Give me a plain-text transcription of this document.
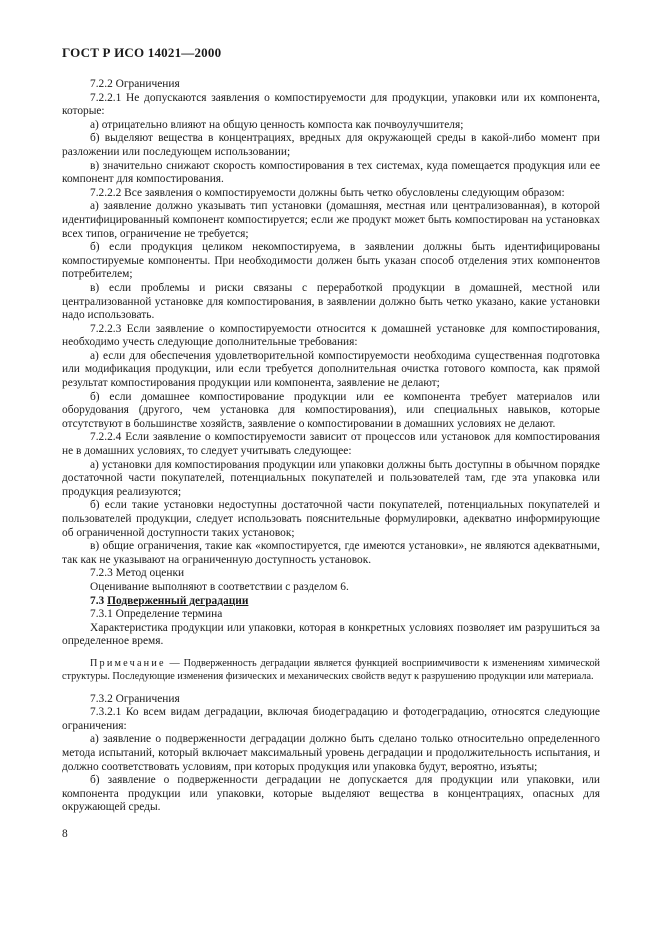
ГОСТ Р ИСО 14021—2000

7.2.2 Ограничения

7.2.2.1 Не допускаются заявления о компостируемости для продукции, упаковки или их компонента, которые:

а) отрицательно влияют на общую ценность компоста как почвоулучшителя;

б) выделяют вещества в концентрациях, вредных для окружающей среды в какой-либо момент при разложении или последующем использовании;

в) значительно снижают скорость компостирования в тех системах, куда помещается продукция или ее компонент для компостирования.

7.2.2.2 Все заявления о компостируемости должны быть четко обусловлены следующим образом:

а) заявление должно указывать тип установки (домашняя, местная или централизованная), в которой идентифицированный компонент компостируется; если же продукт может быть компостирован на установках всех типов, ограничение не требуется;

б) если продукция целиком некомпостируема, в заявлении должны быть идентифицированы компостируемые компоненты. При необходимости должен быть указан способ отделения этих компонентов потребителем;

в) если проблемы и риски связаны с переработкой продукции в домашней, местной или централизованной установке для компостирования, в заявлении должно быть четко указано, какие установки надо использовать.

7.2.2.3 Если заявление о компостируемости относится к домашней установке для компостирования, необходимо учесть следующие дополнительные требования:

а) если для обеспечения удовлетворительной компостируемости необходима существенная подготовка или модификация продукции, или если требуется дополнительная очистка готового компоста, как прямой результат компостирования продукции или компонента, заявление не делают;

б) если домашнее компостирование продукции или ее компонента требует материалов или оборудования (другого, чем установка для компостирования), или специальных навыков, которые отсутствуют в большинстве хозяйств, заявление о компостировании в домашних условиях не делают.

7.2.2.4 Если заявление о компостируемости зависит от процессов или установок для компостирования не в домашних условиях, то следует учитывать следующее:

а) установки для компостирования продукции или упаковки должны быть доступны в обычном порядке достаточной части покупателей, потенциальных покупателей и пользователей там, где эта упаковка или продукция реализуются;

б) если такие установки недоступны достаточной части покупателей, потенциальных покупателей и пользователей продукции, следует использовать пояснительные формулировки, адекватно информирующие об ограниченной доступности таких установок;

в) общие ограничения, такие как «компостируется, где имеются установки», не являются адекватными, так как не указывают на ограниченную доступность установок.

7.2.3 Метод оценки

Оценивание выполняют в соответствии с разделом 6.

7.3 Подверженный деградации

7.3.1 Определение термина

Характеристика продукции или упаковки, которая в конкретных условиях позволяет им разрушиться за определенное время.

Примечание — Подверженность деградации является функцией восприимчивости к изменениям химической структуры. Последующие изменения физических и механических свойств ведут к разрушению продукции или материала.

7.3.2 Ограничения

7.3.2.1 Ко всем видам деградации, включая биодеградацию и фотодеградацию, относятся следующие ограничения:

а) заявление о подверженности деградации должно быть сделано только относительно определенного метода испытаний, который включает максимальный уровень деградации и продолжительность испытания, и должно соответствовать условиям, при которых продукция или упаковка будут, вероятно, изъяты;

б) заявление о подверженности деградации не допускается для продукции или упаковки, или компонента продукции или упаковки, которые выделяют вещества в концентрациях, опасных для окружающей среды.

8
